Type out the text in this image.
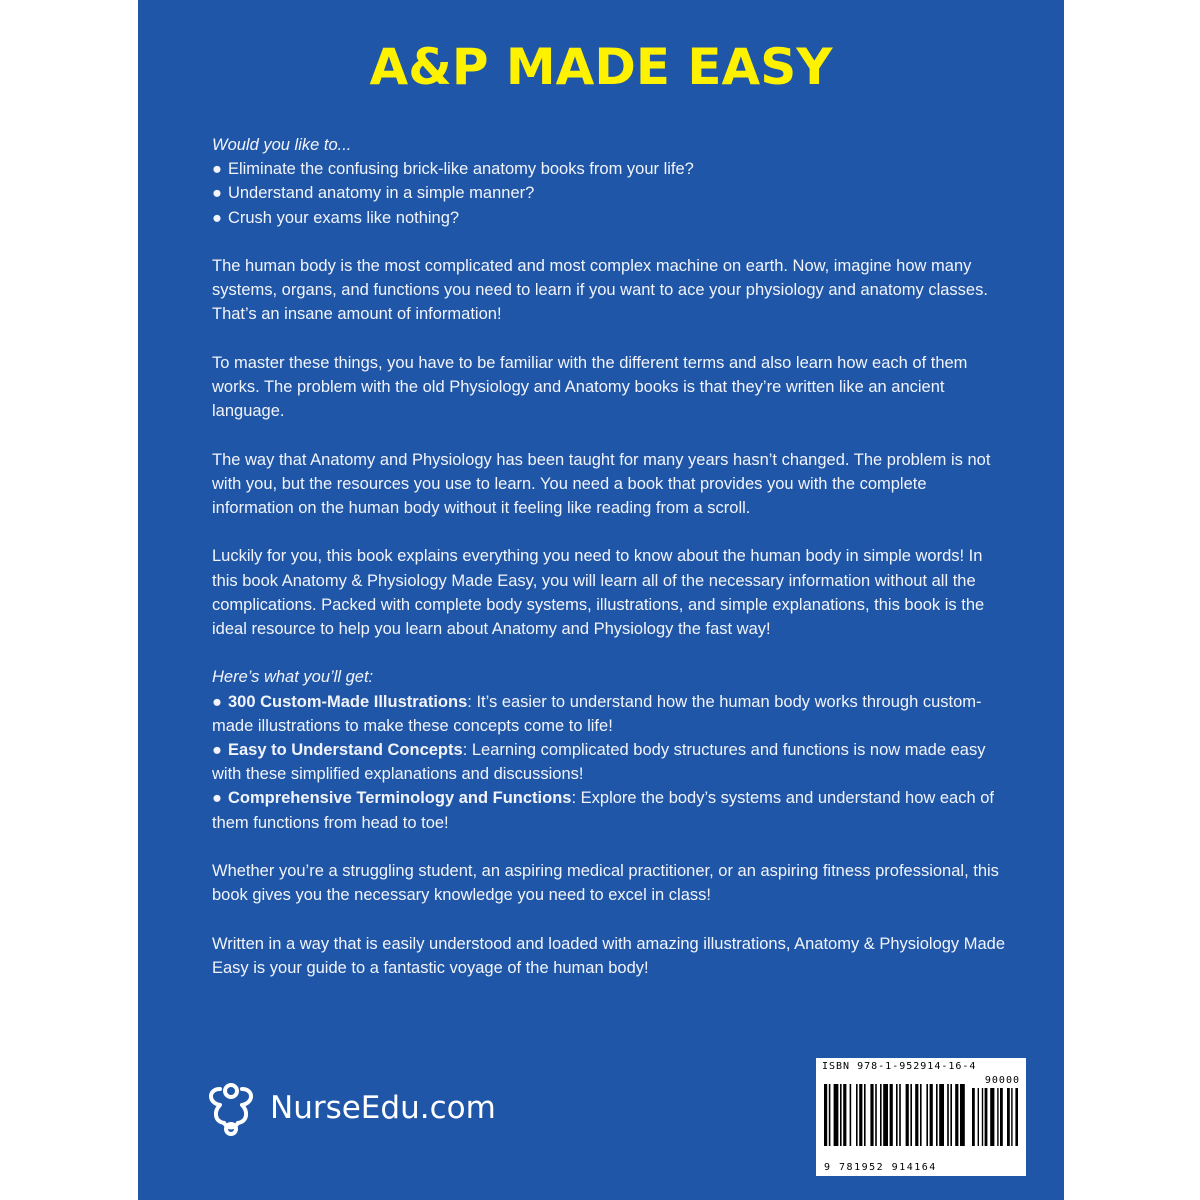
A&P MADE EASY

Would you like to...
● Eliminate the confusing brick-like anatomy books from your life?
● Understand anatomy in a simple manner?
● Crush your exams like nothing?

The human body is the most complicated and most complex machine on earth. Now, imagine how many systems, organs, and functions you need to learn if you want to ace your physiology and anatomy classes. That’s an insane amount of information!

To master these things, you have to be familiar with the different terms and also learn how each of them works. The problem with the old Physiology and Anatomy books is that they’re written like an ancient language.

The way that Anatomy and Physiology has been taught for many years hasn’t changed. The problem is not with you, but the resources you use to learn. You need a book that provides you with the complete information on the human body without it feeling like reading from a scroll.

Luckily for you, this book explains everything you need to know about the human body in simple words! In this book Anatomy & Physiology Made Easy, you will learn all of the necessary information without all the complications. Packed with complete body systems, illustrations, and simple explanations, this book is the ideal resource to help you learn about Anatomy and Physiology the fast way!

Here’s what you’ll get:
● 300 Custom-Made Illustrations: It’s easier to understand how the human body works through custom-made illustrations to make these concepts come to life!
● Easy to Understand Concepts: Learning complicated body structures and functions is now made easy with these simplified explanations and discussions!
● Comprehensive Terminology and Functions: Explore the body’s systems and understand how each of them functions from head to toe!

Whether you’re a struggling student, an aspiring medical practitioner, or an aspiring fitness professional, this book gives you the necessary knowledge you need to excel in class!

Written in a way that is easily understood and loaded with amazing illustrations, Anatomy & Physiology Made Easy is your guide to a fantastic voyage of the human body!

NurseEdu.com
ISBN 978-1-952914-16-4
90000
9 781952 914164
